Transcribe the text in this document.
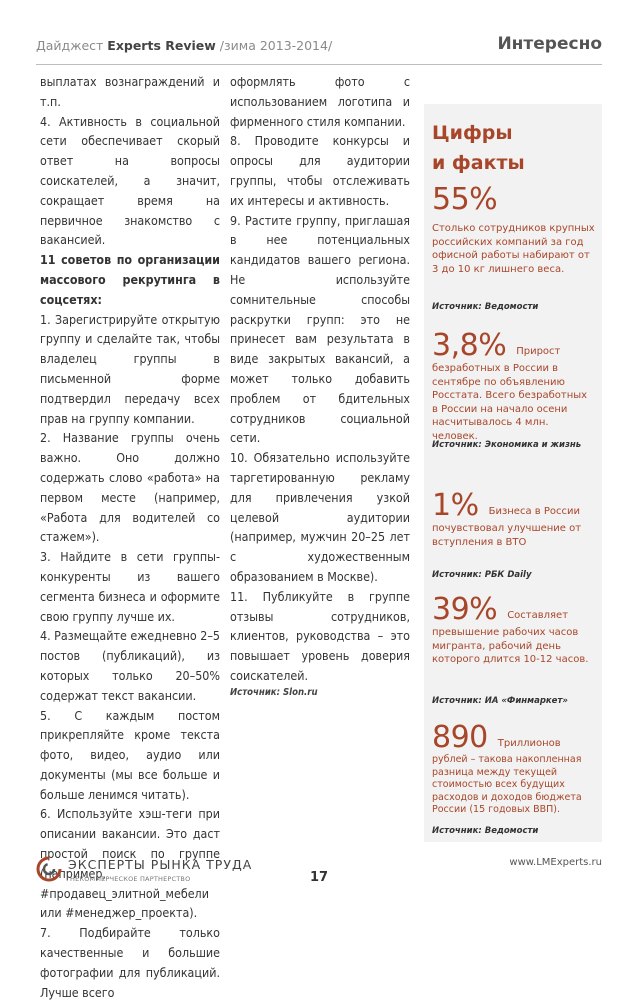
Дайджест Experts Review /зима 2013-2014/	Интересно

выплатах вознаграждений и т.п.

4. Активность в социальной сети обеспечивает скорый ответ на вопросы соискателей, а значит, сокращает время на первичное знакомство с вакансией.

11 советов по организации массового рекрутинга в соцсетях:

1. Зарегистрируйте открытую группу и сделайте так, чтобы владелец группы в письменной форме подтвердил передачу всех прав на группу компании.

2. Название группы очень важно. Оно должно содержать слово «работа» на первом месте (например, «Работа для водителей со стажем»).

3. Найдите в сети группы-конкуренты из вашего сегмента бизнеса и оформите свою группу лучше их.

4. Размещайте ежедневно 2–5 постов (публикаций), из которых только 20–50% содержат текст вакансии.

5. С каждым постом прикрепляйте кроме текста фото, видео, аудио или документы (мы все больше и больше ленимся читать).

6. Используйте хэш-теги при описании вакансии. Это даст простой поиск по группе (например, #продавец_элитной_мебели или #менеджер_проекта).

7. Подбирайте только качественные и большие фотографии для публикаций. Лучше всего

оформлять фото с использованием логотипа и фирменного стиля компании.

8. Проводите конкурсы и опросы для аудитории группы, чтобы отслеживать их интересы и активность.

9. Растите группу, приглашая в нее потенциальных кандидатов вашего региона. Не используйте сомнительные способы раскрутки групп: это не принесет вам результата в виде закрытых вакансий, а может только добавить проблем от бдительных сотрудников социальной сети.

10. Обязательно используйте таргетированную рекламу для привлечения узкой целевой аудитории (например, мужчин 20–25 лет с художественным образованием в Москве).

11. Публикуйте в группе отзывы сотрудников, клиентов, руководства – это повышает уровень доверия соискателей.

Источник: Slon.ru

Цифры
и факты
55%
Столько сотрудников крупных российских компаний за год офисной работы набирают от 3 до 10 кг лишнего веса.
Источник: Ведомости
3,8% Прирост
безработных в России в сентябре по объявлению Росстата. Всего безработных в России на начало осени насчитывалось 4 млн. человек.
Источник: Экономика и жизнь
1% Бизнеса в России
почувствовал улучшение от вступления в ВТО
Источник: РБК Daily
39% Составляет
превышение рабочих часов мигранта, рабочий день которого длится 10-12 часов.
Источник: ИА «Финмаркет»
890 Триллионов
рублей – такова накопленная разница между текущей стоимостью всех будущих расходов и доходов бюджета России (15 годовых ВВП).
Источник: Ведомости
ЭКСПЕРТЫ РЫНКА ТРУДА
НЕКОММЕРЧЕСКОЕ ПАРТНЕРСТВО	17
www.LMExperts.ru
